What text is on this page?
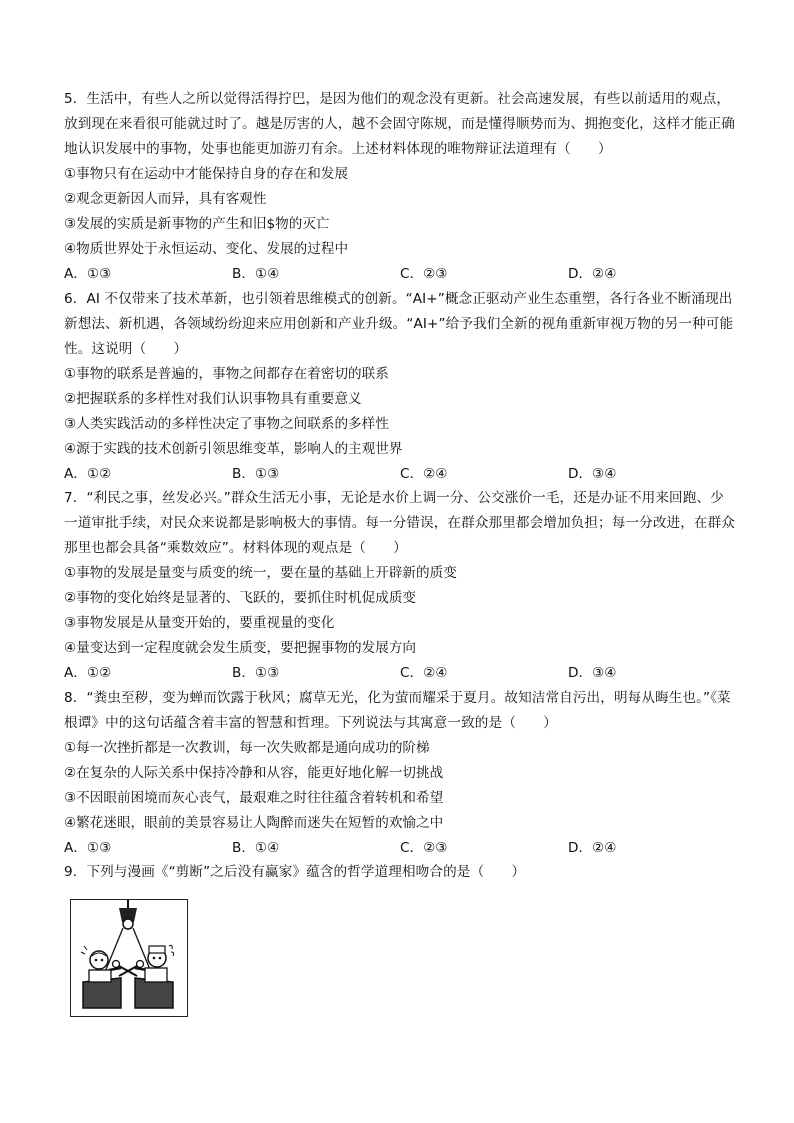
5．生活中，有些人之所以觉得活得拧巴，是因为他们的观念没有更新。社会高速发展，有些以前适用的观点，放到现在来看很可能就过时了。越是厉害的人，越不会固守陈规，而是懂得顺势而为、拥抱变化，这样才能正确地认识发展中的事物，处事也能更加游刃有余。上述材料体现的唯物辩证法道理有（　　）

①事物只有在运动中才能保持自身的存在和发展

②观念更新因人而异，具有客观性

③发展的实质是新事物的产生和旧$物的灭亡

④物质世界处于永恒运动、变化、发展的过程中

A．①③	B．①④	C．②③	D．②④

6．AI 不仅带来了技术革新，也引领着思维模式的创新。“AI+”概念正驱动产业生态重塑，各行各业不断涌现出新想法、新机遇，各领域纷纷迎来应用创新和产业升级。“AI+”给予我们全新的视角重新审视万物的另一种可能性。这说明（　　）

①事物的联系是普遍的，事物之间都存在着密切的联系

②把握联系的多样性对我们认识事物具有重要意义

③人类实践活动的多样性决定了事物之间联系的多样性

④源于实践的技术创新引领思维变革，影响人的主观世界

A．①②	B．①③	C．②④	D．③④

7．“利民之事，丝发必兴。”群众生活无小事，无论是水价上调一分、公交涨价一毛，还是办证不用来回跑、少一道审批手续，对民众来说都是影响极大的事情。每一分错误，在群众那里都会增加负担；每一分改进，在群众那里也都会具备“乘数效应”。材料体现的观点是（　　）

①事物的发展是量变与质变的统一，要在量的基础上开辟新的质变

②事物的变化始终是显著的、飞跃的，要抓住时机促成质变

③事物发展是从量变开始的，要重视量的变化

④量变达到一定程度就会发生质变，要把握事物的发展方向

A．①②	B．①③	C．②④	D．③④

8．“粪虫至秽，变为蝉而饮露于秋风；腐草无光，化为萤而耀采于夏月。故知洁常自污出，明每从晦生也。”《菜根谭》中的这句话蕴含着丰富的智慧和哲理。下列说法与其寓意一致的是（　　）

①每一次挫折都是一次教训，每一次失败都是通向成功的阶梯

②在复杂的人际关系中保持冷静和从容，能更好地化解一切挑战

③不因眼前困境而灰心丧气，最艰难之时往往蕴含着转机和希望

④繁花迷眼，眼前的美景容易让人陶醉而迷失在短暂的欢愉之中

A．①③	B．①④	C．②③	D．②④

9．下列与漫画《“剪断”之后没有赢家》蕴含的哲学道理相吻合的是（　　）
